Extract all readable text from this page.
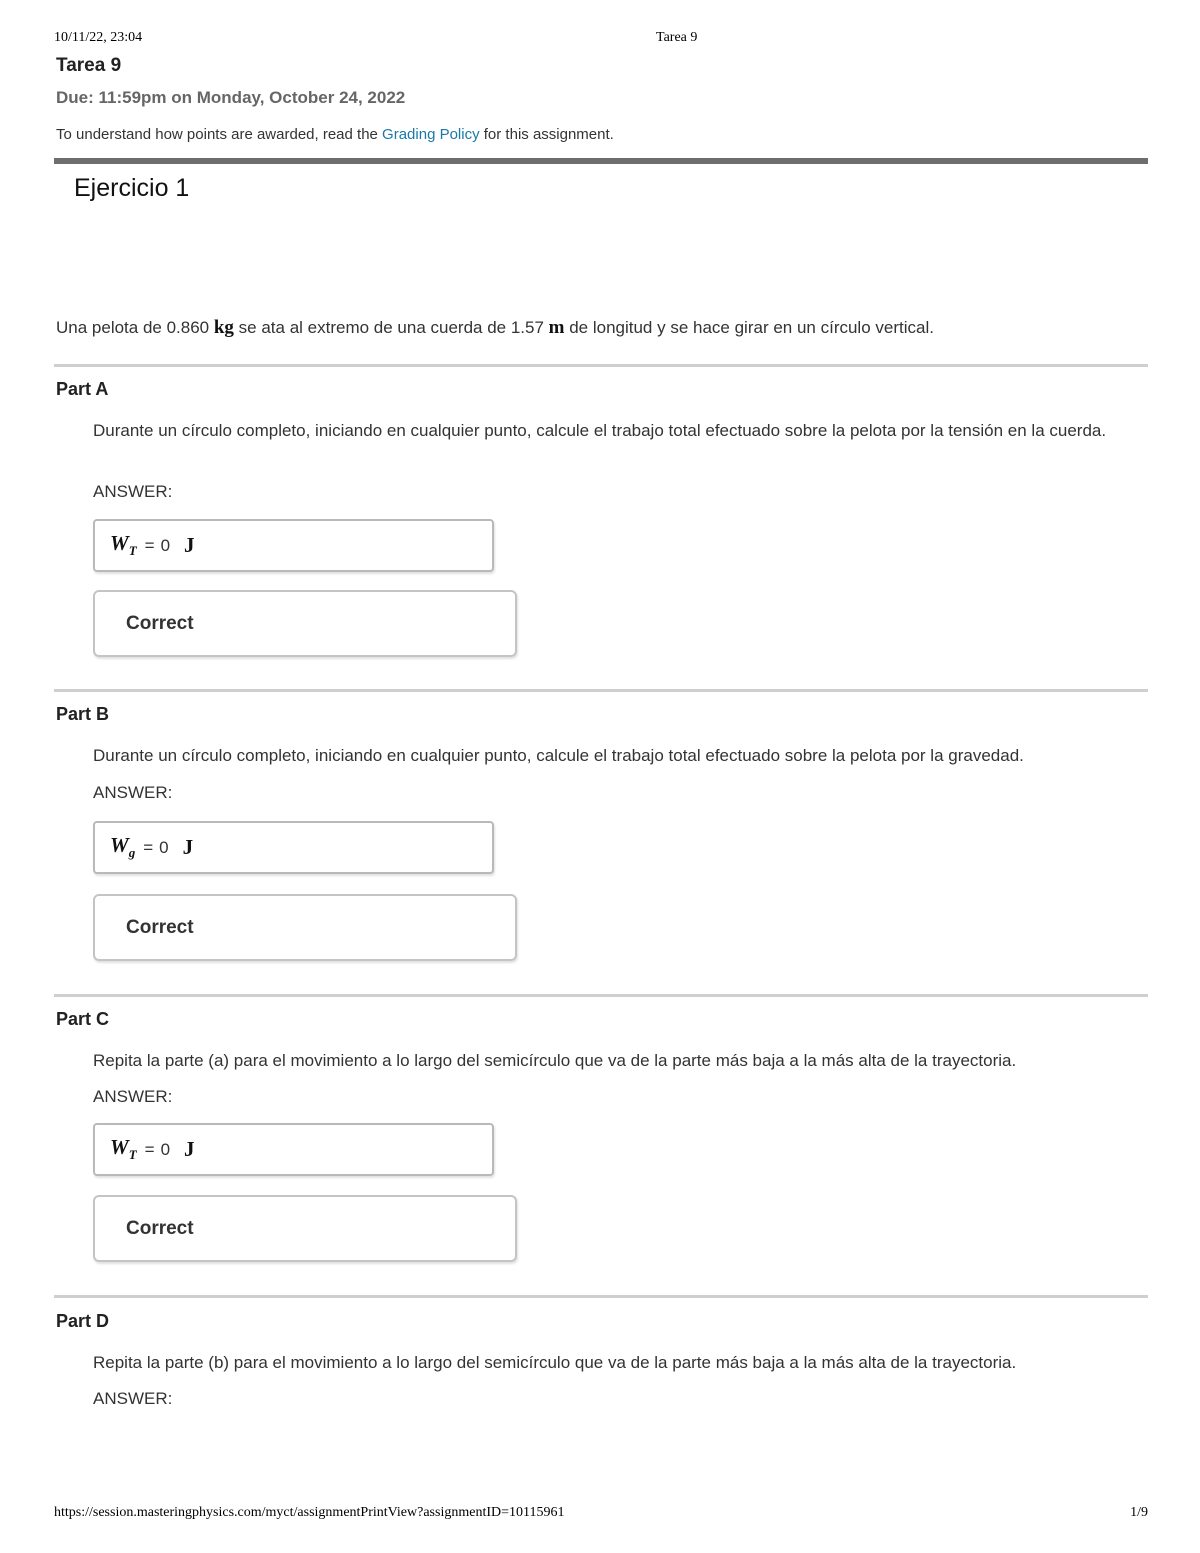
10/11/22, 23:04	Tarea 9
Tarea 9
Due: 11:59pm on Monday, October 24, 2022
To understand how points are awarded, read the Grading Policy for this assignment.
Ejercicio 1
Una pelota de 0.860 kg se ata al extremo de una cuerda de 1.57 m de longitud y se hace girar en un círculo vertical.
Part A
Durante un círculo completo, iniciando en cualquier punto, calcule el trabajo total efectuado sobre la pelota por la tensión en la cuerda.
ANSWER:
$W_T = 0$ J
Correct
Part B
Durante un círculo completo, iniciando en cualquier punto, calcule el trabajo total efectuado sobre la pelota por la gravedad.
ANSWER:
$W_g = 0$ J
Correct
Part C
Repita la parte (a) para el movimiento a lo largo del semicírculo que va de la parte más baja a la más alta de la trayectoria.
ANSWER:
$W_T = 0$ J
Correct
Part D
Repita la parte (b) para el movimiento a lo largo del semicírculo que va de la parte más baja a la más alta de la trayectoria.
ANSWER:
https://session.masteringphysics.com/myct/assignmentPrintView?assignmentID=10115961	1/9
